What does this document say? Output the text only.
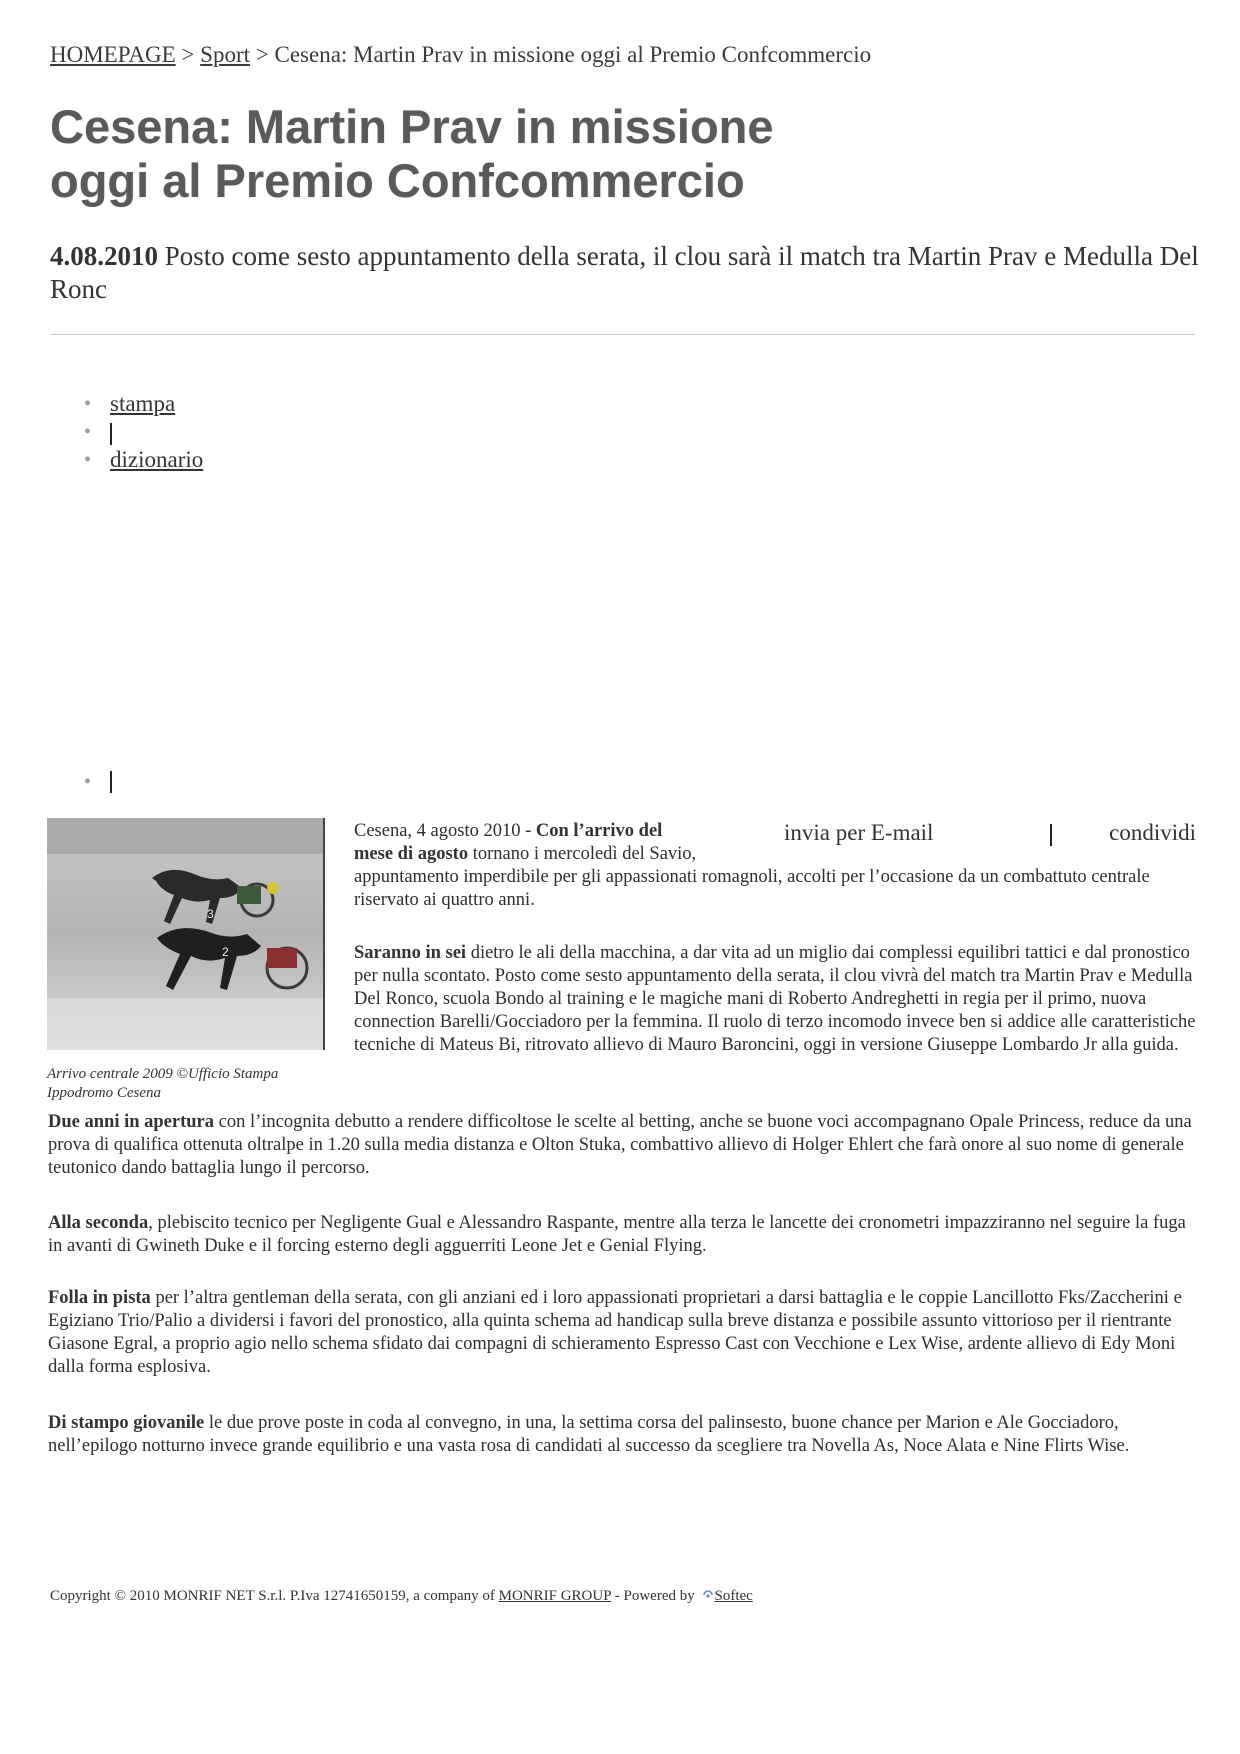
HOMEPAGE > Sport > Cesena: Martin Prav in missione oggi al Premio Confcommercio
Cesena: Martin Prav in missione
oggi al Premio Confcommercio

4.08.2010 Posto come sesto appuntamento della serata, il clou sarà il match tra Martin Prav e Medulla Del Ronc

• stampa
•
• dizionario
•
3
2
Arrivo centrale 2009 ©Ufficio Stampa Ippodromo Cesena
invia per E-mail	condividi

Cesena, 4 agosto 2010 - Con l’arrivo del mese di agosto tornano i mercoledì del Savio,

appuntamento imperdibile per gli appassionati romagnoli, accolti per l’occasione da un combattuto centrale riservato ai quattro anni.

Saranno in sei dietro le ali della macchina, a dar vita ad un miglio dai complessi equilibri tattici e dal pronostico per nulla scontato. Posto come sesto appuntamento della serata, il clou vivrà del match tra Martin Prav e Medulla Del Ronco, scuola Bondo al training e le magiche mani di Roberto Andreghetti in regia per il primo, nuova connection Barelli/Gocciadoro per la femmina. Il ruolo di terzo incomodo invece ben si addice alle caratteristiche tecniche di Mateus Bi, ritrovato allievo di Mauro Baroncini, oggi in versione Giuseppe Lombardo Jr alla guida.

Due anni in apertura con l’incognita debutto a rendere difficoltose le scelte al betting, anche se buone voci accompagnano Opale Princess, reduce da una prova di qualifica ottenuta oltralpe in 1.20 sulla media distanza e Olton Stuka, combattivo allievo di Holger Ehlert che farà onore al suo nome di generale teutonico dando battaglia lungo il percorso.

Alla seconda, plebiscito tecnico per Negligente Gual e Alessandro Raspante, mentre alla terza le lancette dei cronometri impazziranno nel seguire la fuga in avanti di Gwineth Duke e il forcing esterno degli agguerriti Leone Jet e Genial Flying.

Folla in pista per l’altra gentleman della serata, con gli anziani ed i loro appassionati proprietari a darsi battaglia e le coppie Lancillotto Fks/Zaccherini e Egiziano Trio/Palio a dividersi i favori del pronostico, alla quinta schema ad handicap sulla breve distanza e possibile assunto vittorioso per il rientrante Giasone Egral, a proprio agio nello schema sfidato dai compagni di schieramento Espresso Cast con Vecchione e Lex Wise, ardente allievo di Edy Moni dalla forma esplosiva.

Di stampo giovanile le due prove poste in coda al convegno, in una, la settima corsa del palinsesto, buone chance per Marion e Ale Gocciadoro, nell’epilogo notturno invece grande equilibrio e una vasta rosa di candidati al successo da scegliere tra Novella As, Noce Alata e Nine Flirts Wise.

Copyright © 2010 MONRIF NET S.r.l. P.Iva 12741650159, a company of MONRIF GROUP - Powered by Softec
